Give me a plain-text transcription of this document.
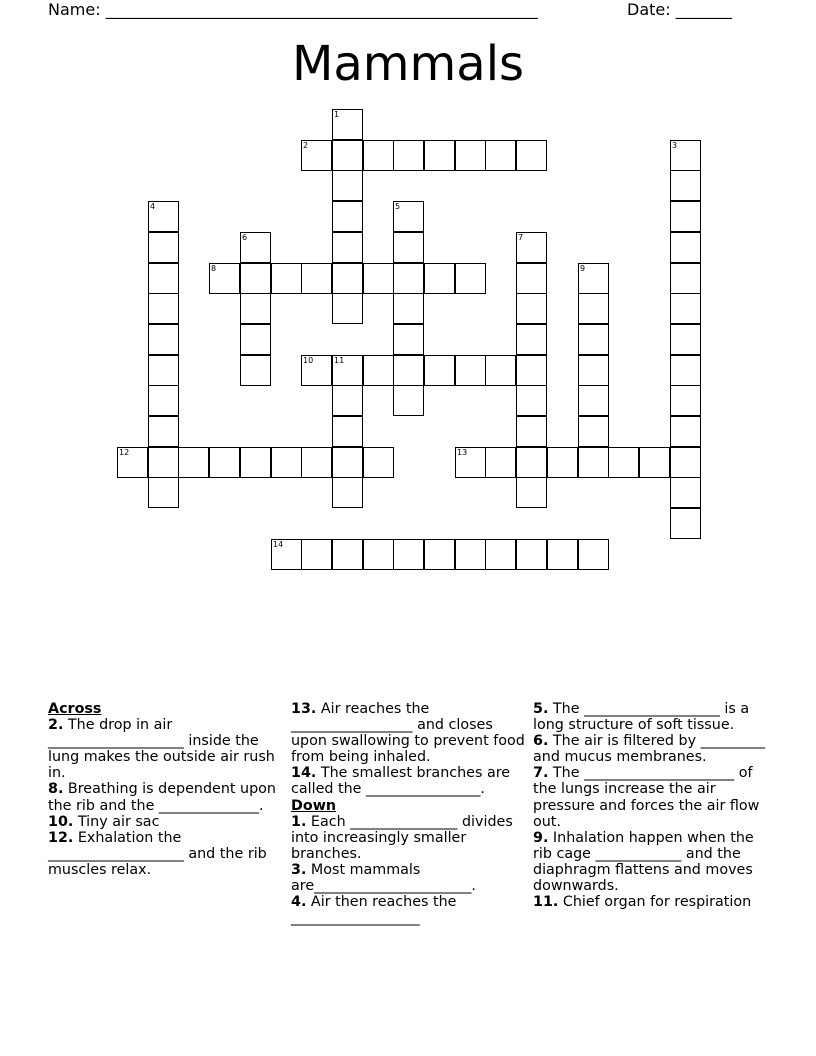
Name: ______________________________________________________	Date: _______
Mammals
1
2	3
4	5
6	7
8	9
10	11
12	13
14
Across
2. The drop in air ___________________ inside the lung makes the outside air rush in.
8. Breathing is dependent upon the rib and the ______________.
10. Tiny air sac
12. Exhalation the ___________________ and the rib muscles relax.
13. Air reaches the _________________ and closes upon swallowing to prevent food from being inhaled.
14. The smallest branches are called the ________________.
Down
1. Each _______________ divides into increasingly smaller branches.
3. Most mammals are______________________.
4. Air then reaches the __________________
5. The ___________________ is a long structure of soft tissue.
6. The air is filtered by _________ and mucus membranes.
7. The _____________________ of the lungs increase the air pressure and forces the air flow out.
9. Inhalation happen when the rib cage ____________ and the diaphragm flattens and moves downwards.
11. Chief organ for respiration
